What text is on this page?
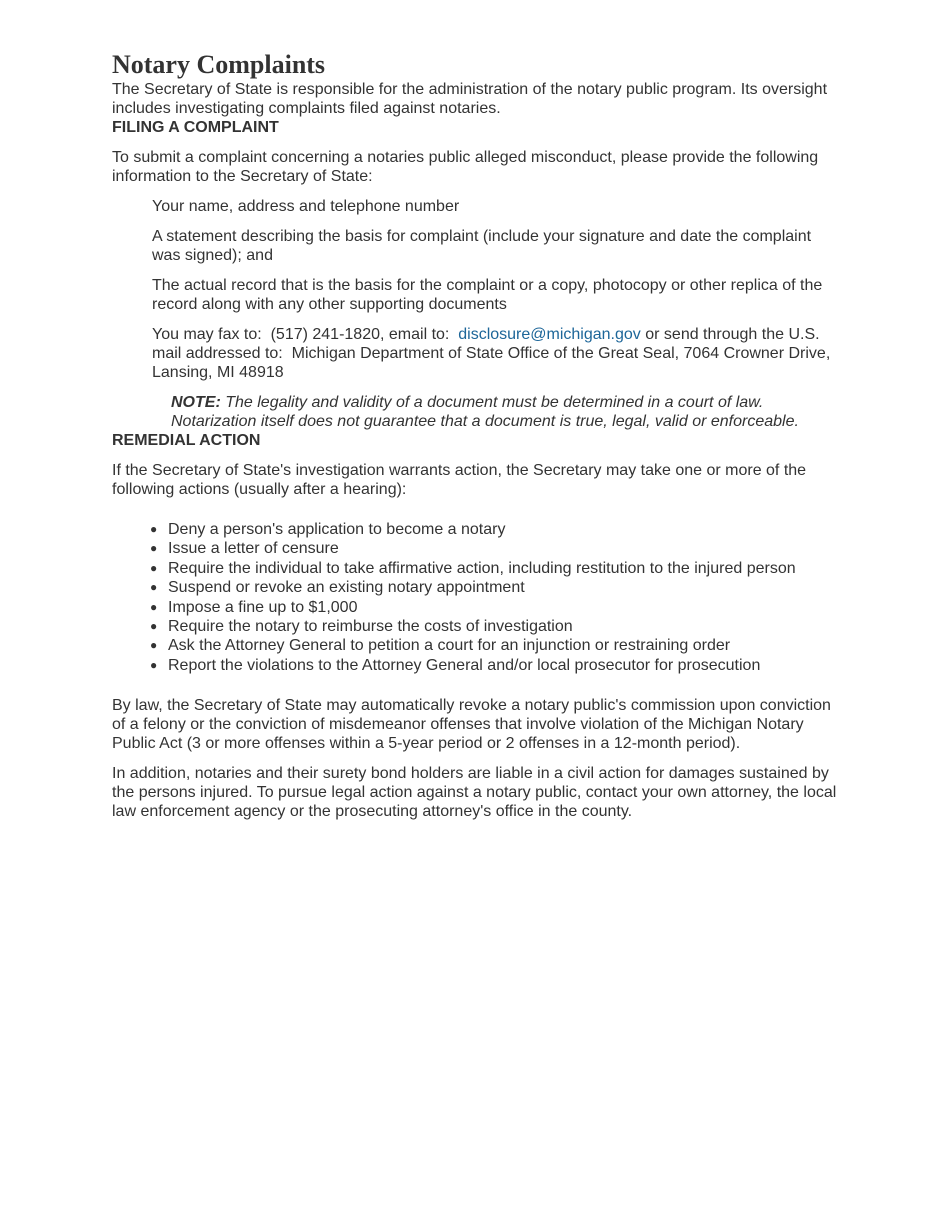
Notary Complaints

The Secretary of State is responsible for the administration of the notary public program. Its oversight includes investigating complaints filed against notaries.

FILING A COMPLAINT

To submit a complaint concerning a notaries public alleged misconduct, please provide the following information to the Secretary of State:

Your name, address and telephone number

A statement describing the basis for complaint (include your signature and date the complaint was signed); and

The actual record that is the basis for the complaint or a copy, photocopy or other replica of the record along with any other supporting documents

You may fax to:  (517) 241-1820, email to:  disclosure@michigan.gov or send through the U.S. mail addressed to:  Michigan Department of State Office of the Great Seal, 7064 Crowner Drive, Lansing, MI 48918

NOTE: The legality and validity of a document must be determined in a court of law. Notarization itself does not guarantee that a document is true, legal, valid or enforceable.

REMEDIAL ACTION

If the Secretary of State's investigation warrants action, the Secretary may take one or more of the following actions (usually after a hearing):

● Deny a person's application to become a notary
● Issue a letter of censure
● Require the individual to take affirmative action, including restitution to the injured person
● Suspend or revoke an existing notary appointment
● Impose a fine up to $1,000
● Require the notary to reimburse the costs of investigation
● Ask the Attorney General to petition a court for an injunction or restraining order
● Report the violations to the Attorney General and/or local prosecutor for prosecution

By law, the Secretary of State may automatically revoke a notary public's commission upon conviction of a felony or the conviction of misdemeanor offenses that involve violation of the Michigan Notary Public Act (3 or more offenses within a 5-year period or 2 offenses in a 12-month period).

In addition, notaries and their surety bond holders are liable in a civil action for damages sustained by the persons injured. To pursue legal action against a notary public, contact your own attorney, the local law enforcement agency or the prosecuting attorney's office in the county.
